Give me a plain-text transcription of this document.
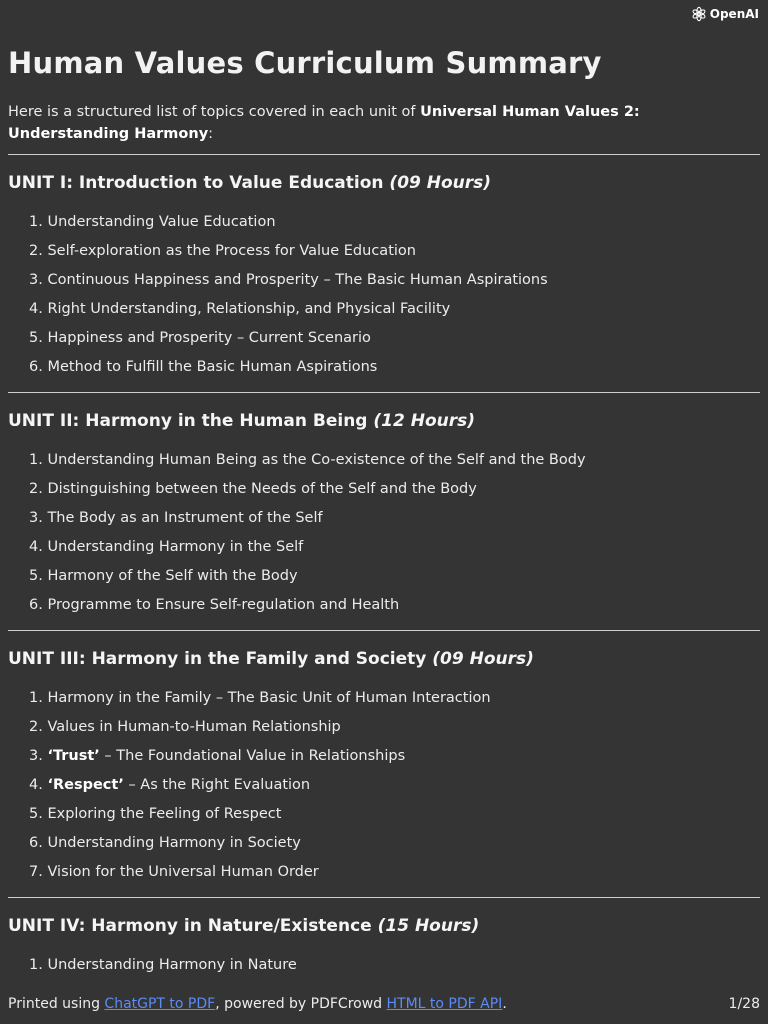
OpenAI
Human Values Curriculum Summary

Here is a structured list of topics covered in each unit of Universal Human Values 2: Understanding Harmony:

UNIT I: Introduction to Value Education (09 Hours)
1. Understanding Value Education
2. Self-exploration as the Process for Value Education
3. Continuous Happiness and Prosperity – The Basic Human Aspirations
4. Right Understanding, Relationship, and Physical Facility
5. Happiness and Prosperity – Current Scenario
6. Method to Fulfill the Basic Human Aspirations
UNIT II: Harmony in the Human Being (12 Hours)
1. Understanding Human Being as the Co-existence of the Self and the Body
2. Distinguishing between the Needs of the Self and the Body
3. The Body as an Instrument of the Self
4. Understanding Harmony in the Self
5. Harmony of the Self with the Body
6. Programme to Ensure Self-regulation and Health
UNIT III: Harmony in the Family and Society (09 Hours)
1. Harmony in the Family – The Basic Unit of Human Interaction
2. Values in Human-to-Human Relationship
3. ‘Trust’ – The Foundational Value in Relationships
4. ‘Respect’ – As the Right Evaluation
5. Exploring the Feeling of Respect
6. Understanding Harmony in Society
7. Vision for the Universal Human Order
UNIT IV: Harmony in Nature/Existence (15 Hours)
1. Understanding Harmony in Nature
Printed using ChatGPT to PDF, powered by PDFCrowd HTML to PDF API.	1/28
